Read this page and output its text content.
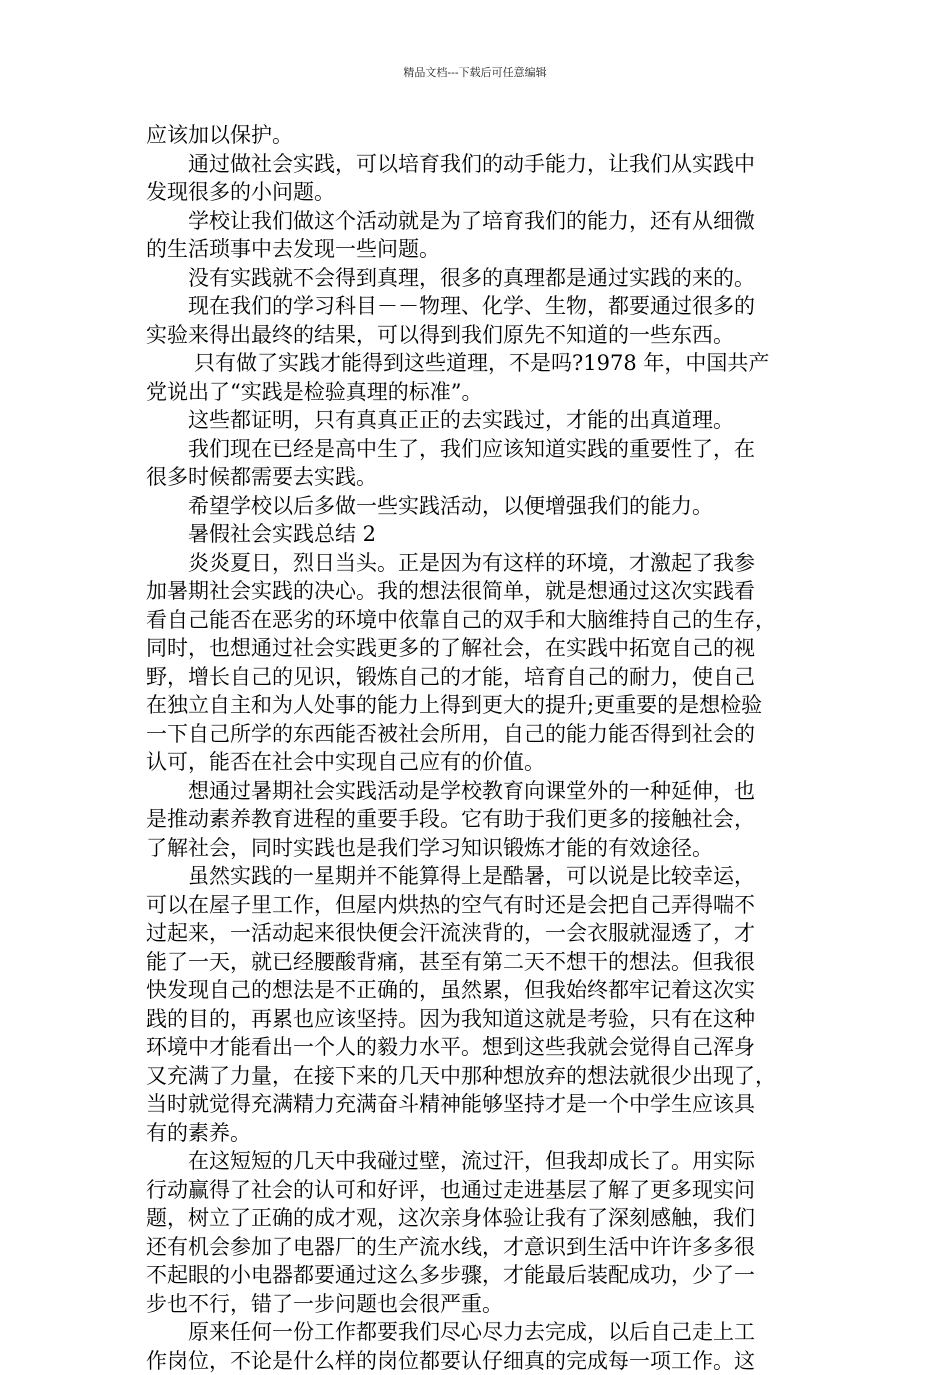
精品文档---下载后可任意编辑
应该加以保护。
通过做社会实践，可以培育我们的动手能力，让我们从实践中
发现很多的小问题。
学校让我们做这个活动就是为了培育我们的能力，还有从细微
的生活琐事中去发现一些问题。
没有实践就不会得到真理，很多的真理都是通过实践的来的。
现在我们的学习科目－－物理、化学、生物，都要通过很多的
实验来得出最终的结果，可以得到我们原先不知道的一些东西。
只有做了实践才能得到这些道理，不是吗?1978 年，中国共产
党说出了“实践是检验真理的标准”。
这些都证明，只有真真正正的去实践过，才能的出真道理。
我们现在已经是高中生了，我们应该知道实践的重要性了，在
很多时候都需要去实践。
希望学校以后多做一些实践活动，以便增强我们的能力。
暑假社会实践总结 2
炎炎夏日，烈日当头。正是因为有这样的环境，才激起了我参
加暑期社会实践的决心。我的想法很简单，就是想通过这次实践看
看自己能否在恶劣的环境中依靠自己的双手和大脑维持自己的生存，
同时，也想通过社会实践更多的了解社会，在实践中拓宽自己的视
野，增长自己的见识，锻炼自己的才能，培育自己的耐力，使自己
在独立自主和为人处事的能力上得到更大的提升;更重要的是想检验
一下自己所学的东西能否被社会所用，自己的能力能否得到社会的
认可，能否在社会中实现自己应有的价值。
想通过暑期社会实践活动是学校教育向课堂外的一种延伸，也
是推动素养教育进程的重要手段。它有助于我们更多的接触社会，
了解社会，同时实践也是我们学习知识锻炼才能的有效途径。
虽然实践的一星期并不能算得上是酷暑，可以说是比较幸运，
可以在屋子里工作，但屋内烘热的空气有时还是会把自己弄得喘不
过起来，一活动起来很快便会汗流浃背的，一会衣服就湿透了，才
能了一天，就已经腰酸背痛，甚至有第二天不想干的想法。但我很
快发现自己的想法是不正确的，虽然累，但我始终都牢记着这次实
践的目的，再累也应该坚持。因为我知道这就是考验，只有在这种
环境中才能看出一个人的毅力水平。想到这些我就会觉得自己浑身
又充满了力量，在接下来的几天中那种想放弃的想法就很少出现了，
当时就觉得充满精力充满奋斗精神能够坚持才是一个中学生应该具
有的素养。
在这短短的几天中我碰过壁，流过汗，但我却成长了。用实际
行动赢得了社会的认可和好评，也通过走进基层了解了更多现实问
题，树立了正确的成才观，这次亲身体验让我有了深刻感触，我们
还有机会参加了电器厂的生产流水线，才意识到生活中许许多多很
不起眼的小电器都要通过这么多步骤，才能最后装配成功，少了一
步也不行，错了一步问题也会很严重。
原来任何一份工作都要我们尽心尽力去完成，以后自己走上工
作岗位，不论是什么样的岗位都要认仔细真的完成每一项工作。这
